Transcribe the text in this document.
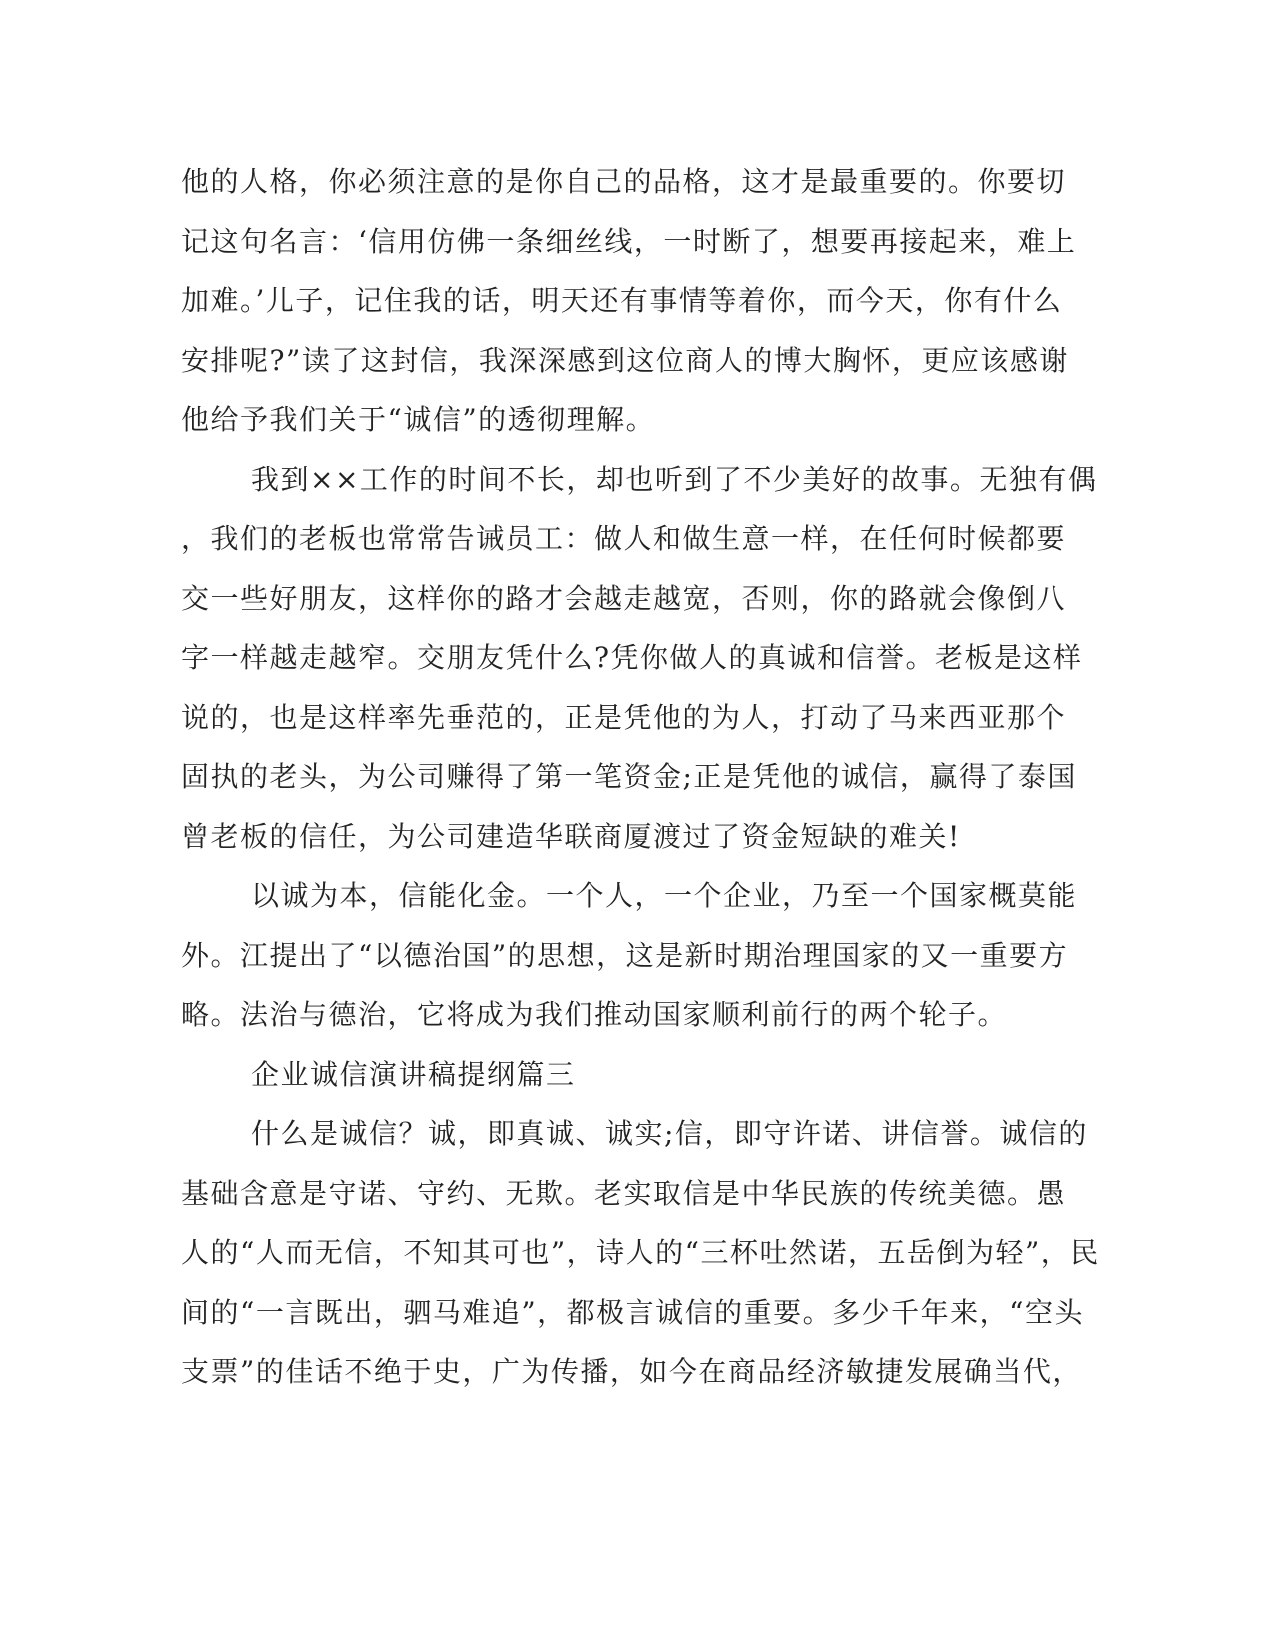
他的人格，你必须注意的是你自己的品格，这才是最重要的。你要切
记这句名言：‘信用仿佛一条细丝线，一时断了，想要再接起来，难上
加难。’儿子，记住我的话，明天还有事情等着你，而今天，你有什么
安排呢?”读了这封信，我深深感到这位商人的博大胸怀，更应该感谢
他给予我们关于“诚信”的透彻理解。
我到××工作的时间不长，却也听到了不少美好的故事。无独有偶
，我们的老板也常常告诫员工：做人和做生意一样，在任何时候都要
交一些好朋友，这样你的路才会越走越宽，否则，你的路就会像倒八
字一样越走越窄。交朋友凭什么?凭你做人的真诚和信誉。老板是这样
说的，也是这样率先垂范的，正是凭他的为人，打动了马来西亚那个
固执的老头，为公司赚得了第一笔资金;正是凭他的诚信，赢得了泰国
曾老板的信任，为公司建造华联商厦渡过了资金短缺的难关!
以诚为本，信能化金。一个人，一个企业，乃至一个国家概莫能
外。江提出了“以德治国”的思想，这是新时期治理国家的又一重要方
略。法治与德治，它将成为我们推动国家顺利前行的两个轮子。
企业诚信演讲稿提纲篇三
什么是诚信？诚，即真诚、诚实;信，即守许诺、讲信誉。诚信的
基础含意是守诺、守约、无欺。老实取信是中华民族的传统美德。愚
人的“人而无信，不知其可也”，诗人的“三杯吐然诺，五岳倒为轻”，民
间的“一言既出，驷马难追”，都极言诚信的重要。多少千年来，“空头
支票”的佳话不绝于史，广为传播，如今在商品经济敏捷发展确当代，
